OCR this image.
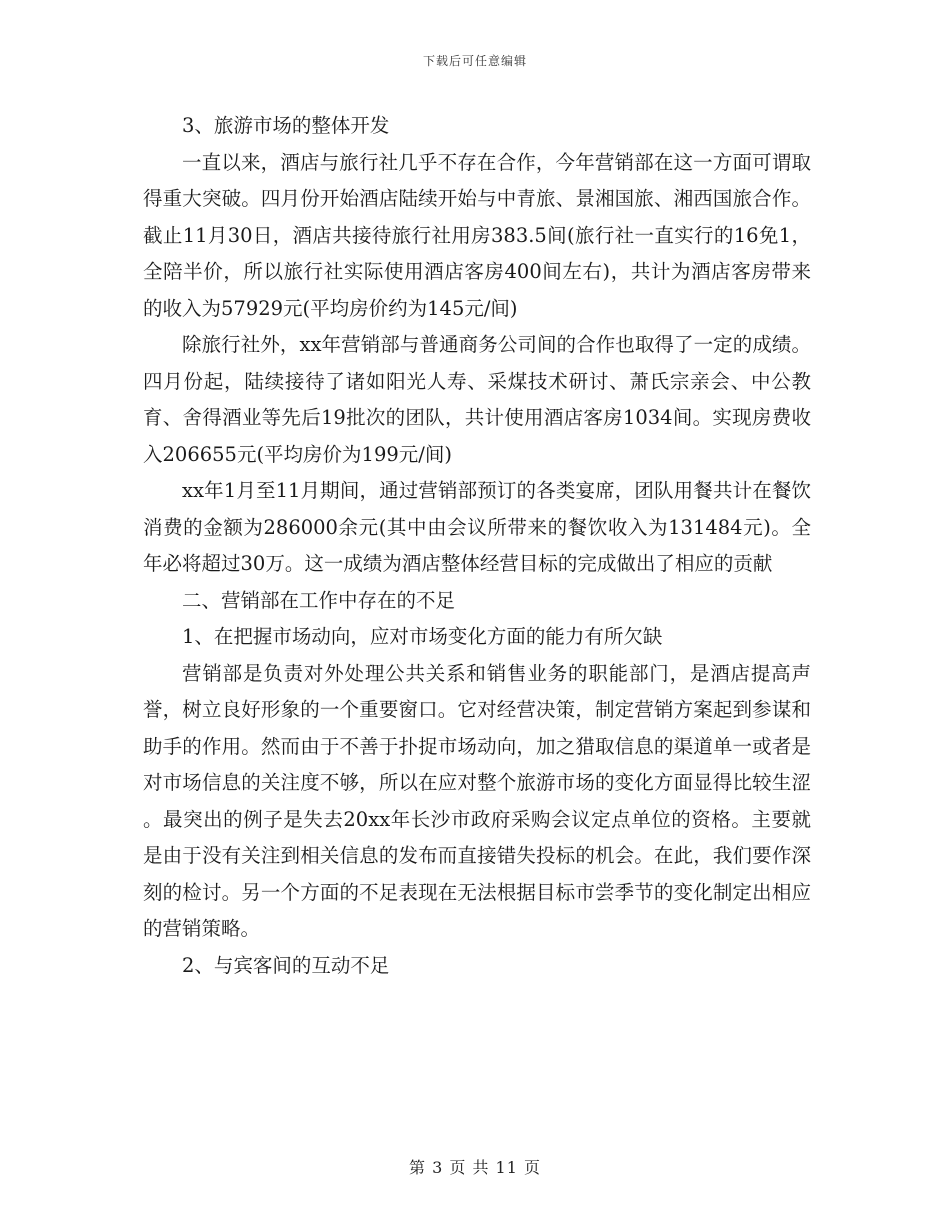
下载后可任意编辑

3、旅游市场的整体开发

一直以来，酒店与旅行社几乎不存在合作，今年营销部在这一方面可谓取得重大突破。四月份开始酒店陆续开始与中青旅、景湘国旅、湘西国旅合作。截止11月30日，酒店共接待旅行社用房383.5间(旅行社一直实行的16免1，全陪半价，所以旅行社实际使用酒店客房400间左右)，共计为酒店客房带来的收入为57929元(平均房价约为145元/间)

除旅行社外，xx年营销部与普通商务公司间的合作也取得了一定的成绩。四月份起，陆续接待了诸如阳光人寿、采煤技术研讨、萧氏宗亲会、中公教育、舍得酒业等先后19批次的团队，共计使用酒店客房1034间。实现房费收入206655元(平均房价为199元/间)

xx年1月至11月期间，通过营销部预订的各类宴席，团队用餐共计在餐饮消费的金额为286000余元(其中由会议所带来的餐饮收入为131484元)。全年必将超过30万。这一成绩为酒店整体经营目标的完成做出了相应的贡献

二、营销部在工作中存在的不足

1、在把握市场动向，应对市场变化方面的能力有所欠缺

营销部是负责对外处理公共关系和销售业务的职能部门，是酒店提高声誉，树立良好形象的一个重要窗口。它对经营决策，制定营销方案起到参谋和助手的作用。然而由于不善于扑捉市场动向，加之猎取信息的渠道单一或者是对市场信息的关注度不够，所以在应对整个旅游市场的变化方面显得比较生涩 。最突出的例子是失去20xx年长沙市政府采购会议定点单位的资格。主要就是由于没有关注到相关信息的发布而直接错失投标的机会。在此，我们要作深刻的检讨。另一个方面的不足表现在无法根据目标市尝季节的变化制定出相应的营销策略。

2、与宾客间的互动不足

第 3 页 共 11 页
